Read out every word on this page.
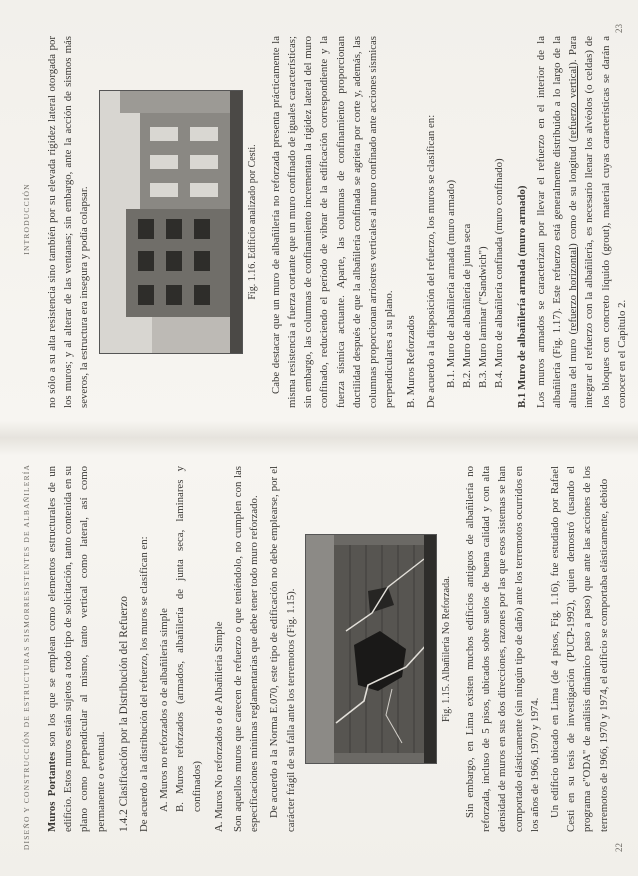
DISEÑO Y CONSTRUCCIÓN DE ESTRUCTURAS SISMORRESISTENTES DE ALBAÑILERÍA Muros Portantes son los que se emplean como elementos estructurales de un edificio. Estos muros están sujetos a todo tipo de solicitación, tanto contenida en su plano como perpendicular al mismo, tanto vertical como lateral, así como permanente o eventual. 1.4.2 Clasificación por la Distribución del Refuerzo De acuerdo a la distribución del refuerzo, los muros se clasifican en: A. Muros no reforzados o de albañilería simple B. Muros reforzados (armados, albañilería de junta seca, laminares y confinados) A. Muros No reforzados o de Albañilería Simple Son aquellos muros que carecen de refuerzo o que teniéndolo, no cumplen con las especificaciones mínimas reglamentarias que debe tener todo muro reforzado. De acuerdo a la Norma E.070, este tipo de edificación no debe emplearse, por el carácter frágil de su falla ante los terremotos (Fig. 1.15).	Fig. 1.15. Albañilería No Reforzada. Sin embargo, en Lima existen muchos edificios antiguos de albañilería no reforzada, incluso de 5 pisos, ubicados sobre suelos de buena calidad y con alta densidad de muros en sus dos direcciones, razones por las que esos sistemas se han comportado elásticamente (sin ningún tipo de daño) ante los terremotos ocurridos en los años de 1966, 1970 y 1974. Un edificio ubicado en Lima (de 4 pisos, Fig. 1.16), fue estudiado por Rafael Cesti en su tesis de investigación (PUCP-1992), quien demostró (usando el programa e"ODA" de análisis dinámico paso a paso) que ante las acciones de los terremotos de 1966, 1970 y 1974, el edificio se comportaba elásticamente, debido

22
INTRODUCCIÓN no sólo a su alta resistencia sino también por su elevada rigidez lateral otorgada por los muros; y al alterar de las ventanas; sin embargo, ante la acción de sismos más severos, la estructura era insegura y podía colapsar.	Fig. 1.16. Edificio analizado por Cesti. Cabe destacar que un muro de albañilería no reforzada presenta prácticamente la misma resistencia a fuerza cortante que un muro confinado de iguales características; sin embargo, las columnas de confinamiento incrementan la rigidez lateral del muro confinado, reduciendo el período de vibrar de la edificación correspondiente y la fuerza sísmica actuante. Aparte, las columnas de confinamiento proporcionan ductilidad después de que la albañilería confinada se agrieta por corte y, además, las columnas proporcionan arriostres verticales al muro confinado ante acciones sísmicas perpendiculares a su plano. B. Muros Reforzados De acuerdo a la disposición del refuerzo, los muros se clasifican en: B.1. Muro de albañilería armada (muro armado) B.2. Muro de albañilería de junta seca B.3. Muro laminar ("Sandwich") B.4. Muro de albañilería confinada (muro confinado) B.1 Muro de albañilería armada (muro armado) Los muros armados se caracterizan por llevar el refuerzo en el interior de la albañilería (Fig. 1.17). Este refuerzo está generalmente distribuido a lo largo de la altura del muro (refuerzo horizontal) como de su longitud (refuerzo vertical). Para integrar el refuerzo con la albañilería, es necesario llenar los alvéolos (o celdas) de los bloques con concreto líquido (grout), material cuyas características se darán a conocer en el Capítulo 2.

23
